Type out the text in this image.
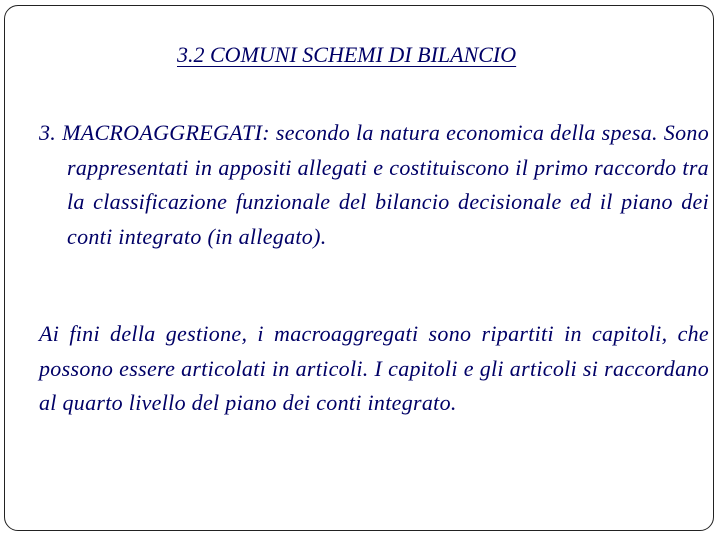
3.2 COMUNI SCHEMI DI BILANCIO

3. MACROAGGREGATI: secondo la natura economica della spesa. Sono rappresentati in appositi allegati e costituiscono il primo raccordo tra la classificazione funzionale del bilancio decisionale ed il piano dei conti integrato (in allegato).

Ai fini della gestione, i macroaggregati sono ripartiti in capitoli, che possono essere articolati in articoli. I capitoli e gli articoli si raccordano al quarto livello del piano dei conti integrato.
